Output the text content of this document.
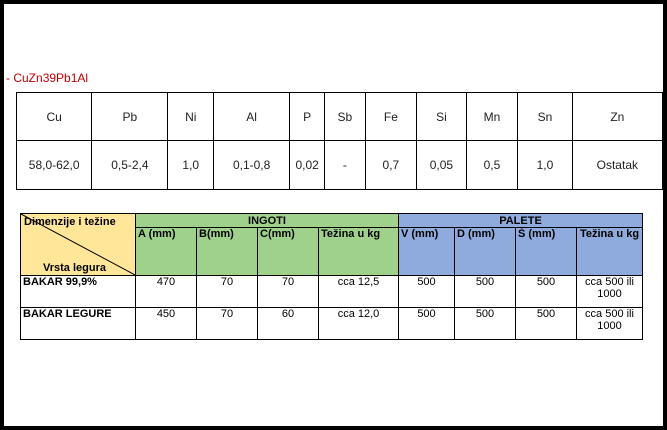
- CuZn39Pb1Al
Cu	Pb	Ni	Al	P	Sb	Fe	Si	Mn	Sn	Zn
58,0-62,0	0,5-2,4	1,0	0,1-0,8	0,02	-	0,7	0,05	0,5	1,0	Ostatak
Dimenzije i težine
Vrsta legura	INGOTI				PALETE			
	A (mm)	B(mm)	C(mm)	Težina u kg	V (mm)	D (mm)	Š (mm)	Težina u kg
BAKAR 99,9%	470	70	70	cca 12,5	500	500	500	cca 500 ili 1000
BAKAR LEGURE	450	70	60	cca 12,0	500	500	500	cca 500 ili 1000
